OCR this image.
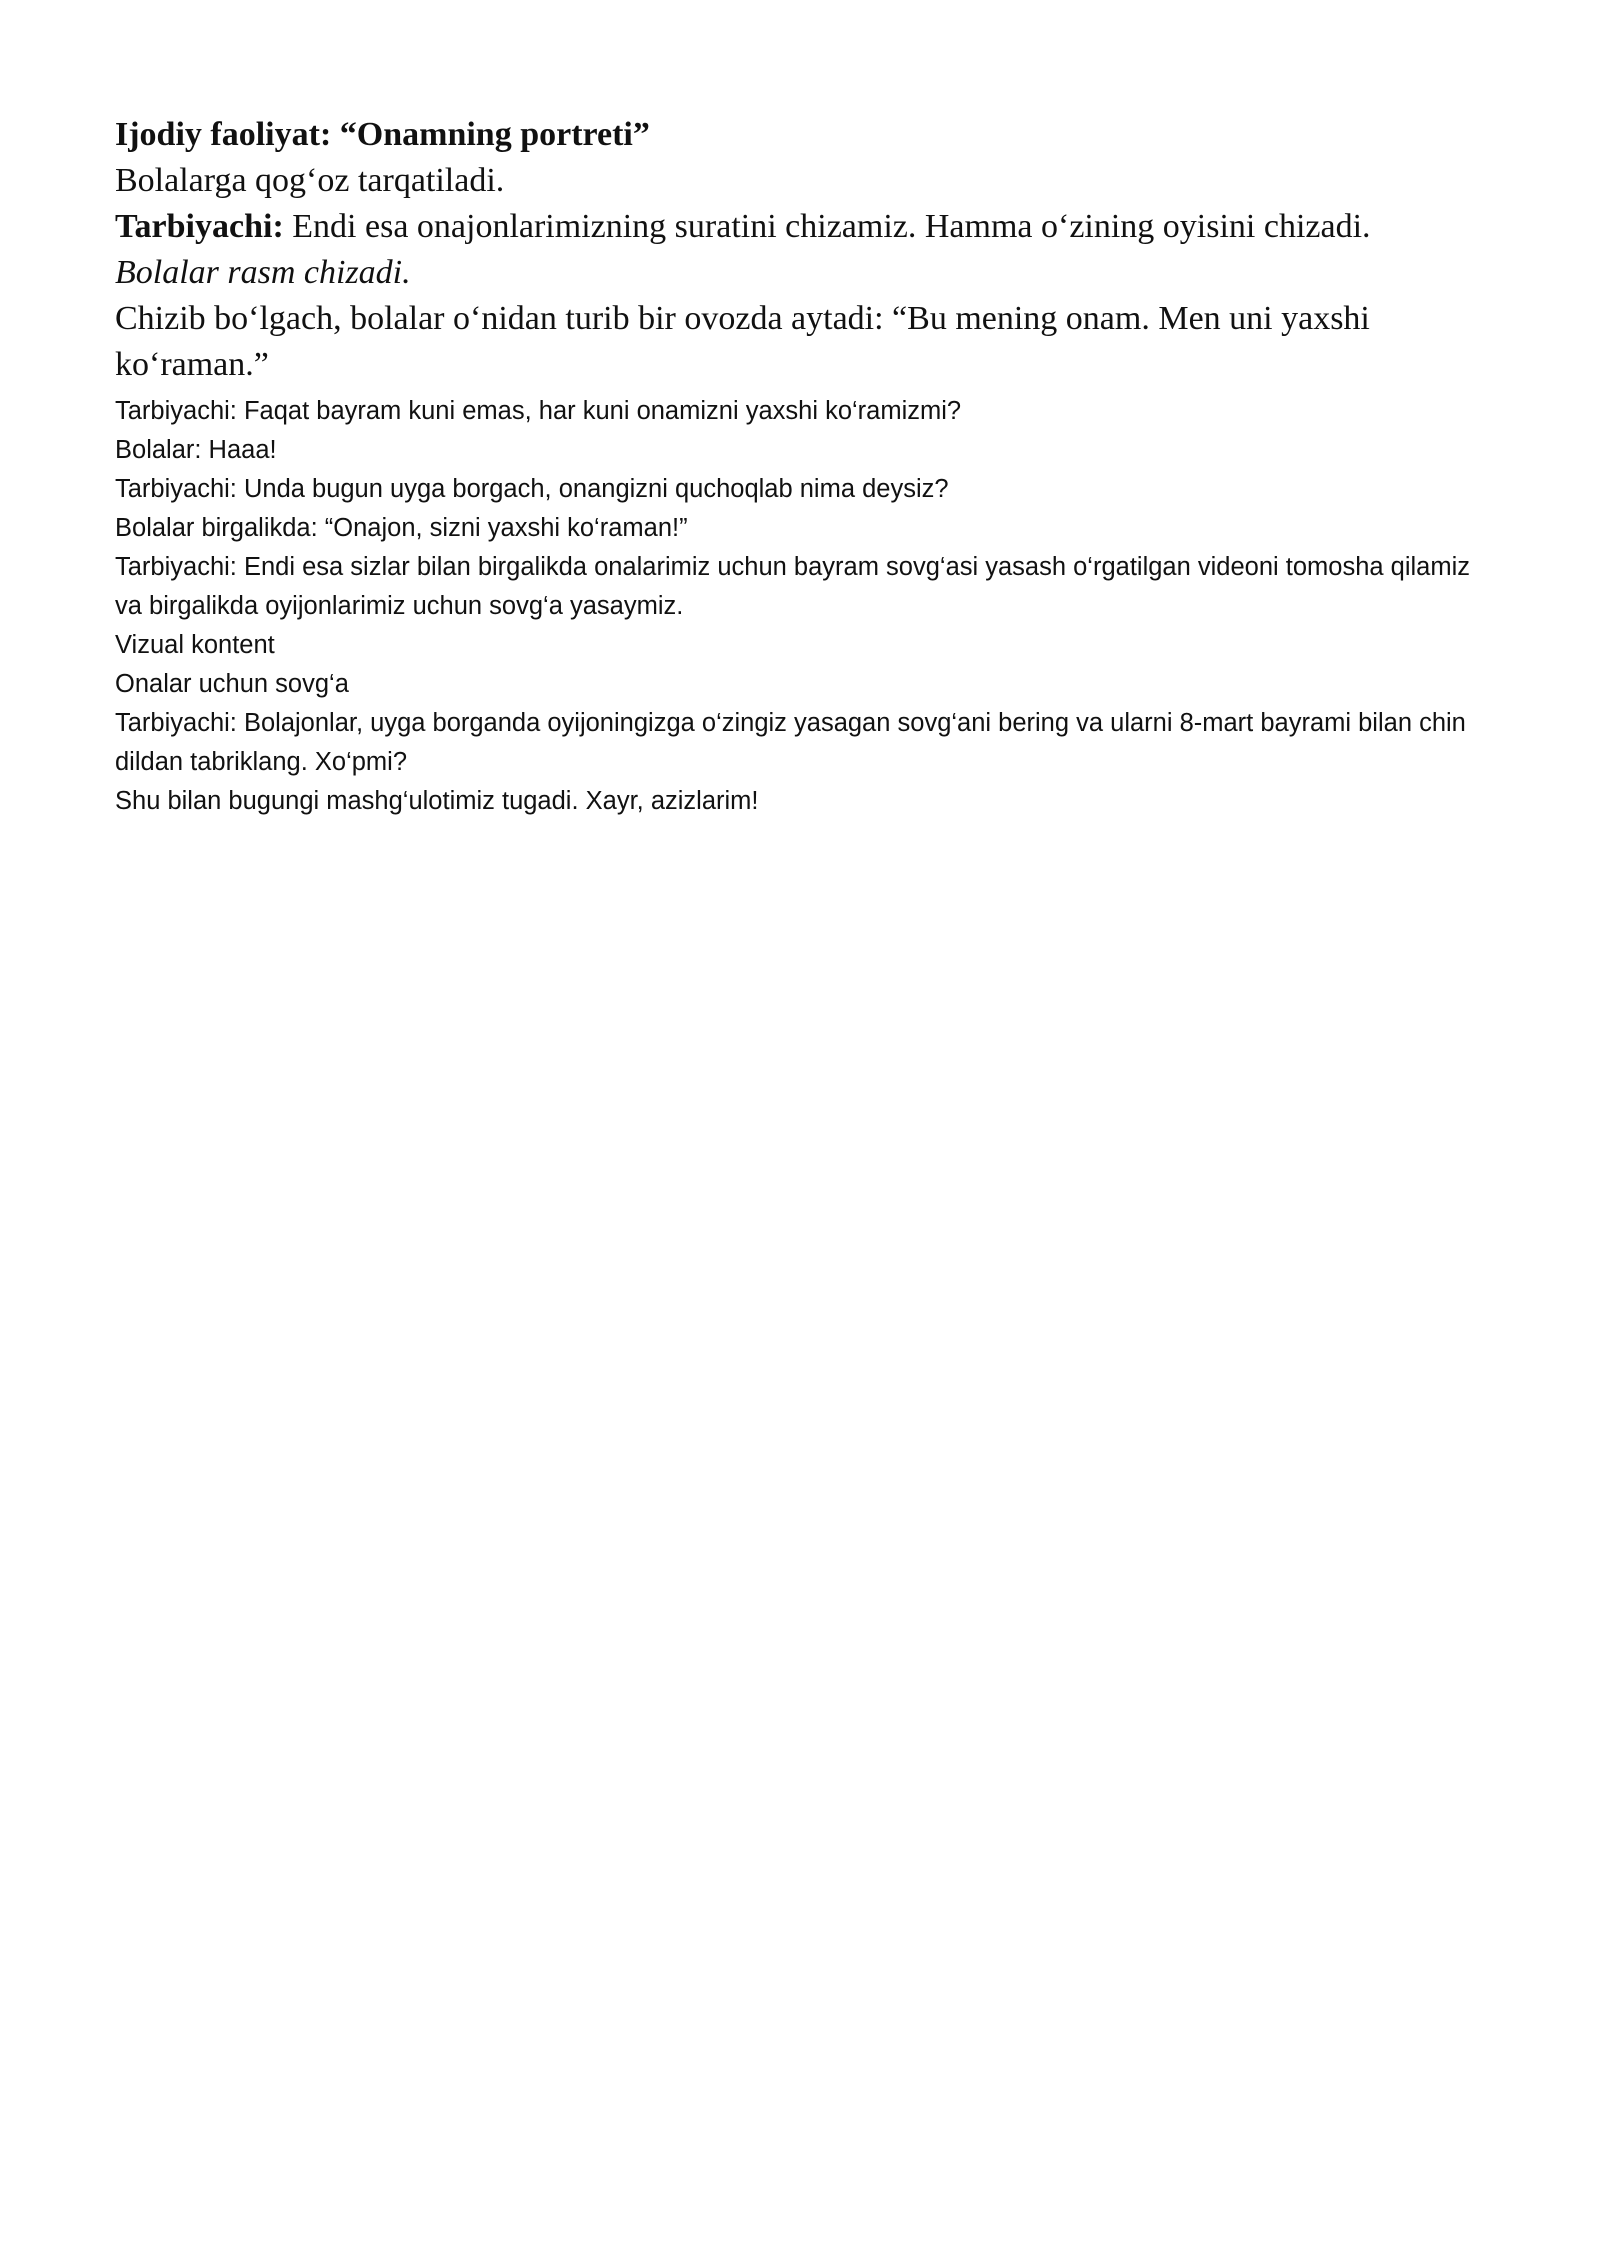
Ijodiy faoliyat: “Onamning portreti”

Bolalarga qog‘oz tarqatiladi.

Tarbiyachi: Endi esa onajonlarimizning suratini chizamiz. Hamma o‘zining oyisini chizadi.

Bolalar rasm chizadi.

Chizib bo‘lgach, bolalar o‘nidan turib bir ovozda aytadi: “Bu mening onam. Men uni yaxshi ko‘raman.”

Tarbiyachi: Faqat bayram kuni emas, har kuni onamizni yaxshi ko‘ramizmi?

Bolalar: Haaa!

Tarbiyachi: Unda bugun uyga borgach, onangizni quchoqlab nima deysiz?

Bolalar birgalikda: “Onajon, sizni yaxshi ko‘raman!”

Tarbiyachi: Endi esa sizlar bilan birgalikda onalarimiz uchun bayram sovg‘asi yasash o‘rgatilgan videoni tomosha qilamiz va birgalikda oyijonlarimiz uchun sovg‘a yasaymiz.

Vizual kontent

Onalar uchun sovg‘a

Tarbiyachi: Bolajonlar, uyga borganda oyijoningizga o‘zingiz yasagan sovg‘ani bering va ularni 8-mart bayrami bilan chin dildan tabriklang. Xo‘pmi?

Shu bilan bugungi mashg‘ulotimiz tugadi. Xayr, azizlarim!
